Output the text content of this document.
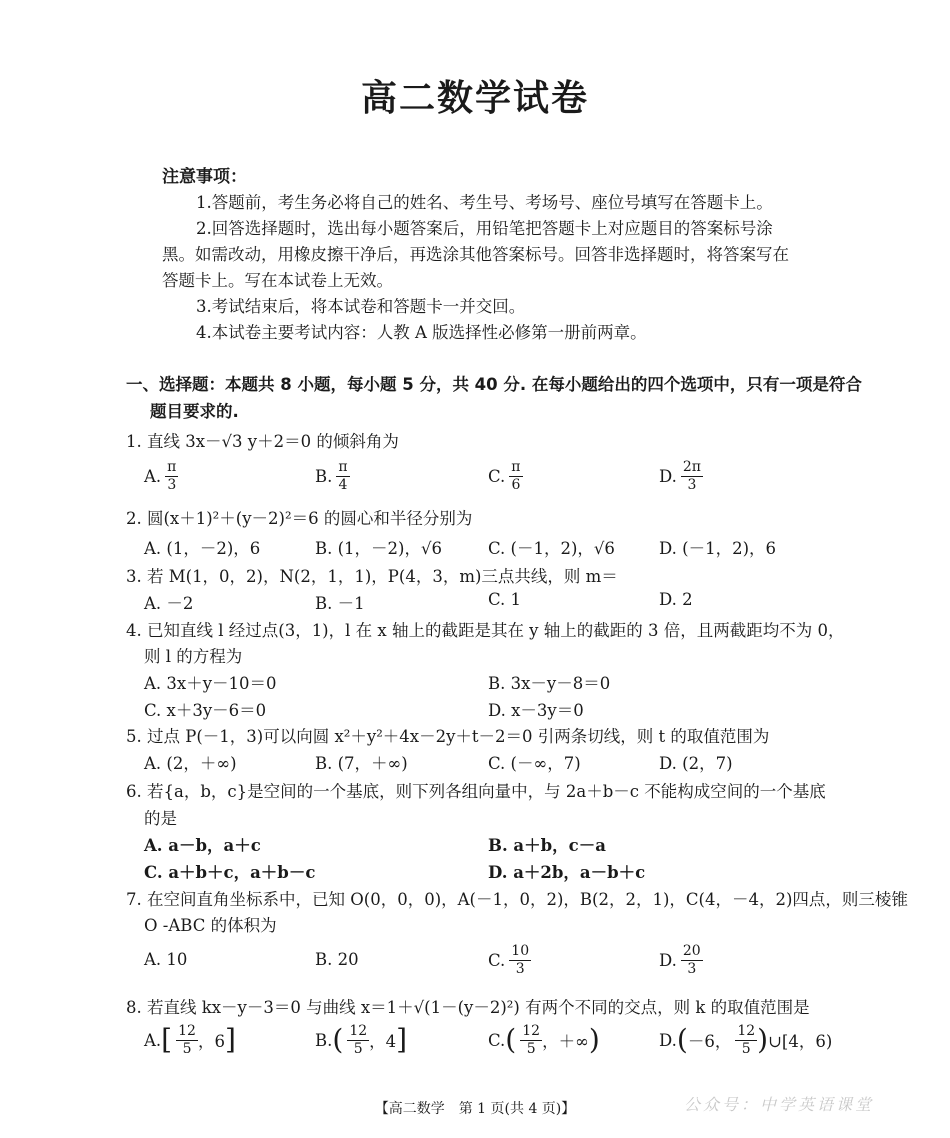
高二数学试卷
注意事项：
1.答题前，考生务必将自己的姓名、考生号、考场号、座位号填写在答题卡上。
2.回答选择题时，选出每小题答案后，用铅笔把答题卡上对应题目的答案标号涂
黑。如需改动，用橡皮擦干净后，再选涂其他答案标号。回答非选择题时，将答案写在
答题卡上。写在本试卷上无效。
3.考试结束后，将本试卷和答题卡一并交回。
4.本试卷主要考试内容：人教 A 版选择性必修第一册前两章。
一、选择题：本题共 8 小题，每小题 5 分，共 40 分. 在每小题给出的四个选项中，只有一项是符合
题目要求的.
1. 直线 3x－√3 y＋2＝0 的倾斜角为
A. $\frac{\pi}{3}$	B. $\frac{\pi}{4}$	C. $\frac{\pi}{6}$	D. $\frac{2\pi}{3}$
2. 圆(x＋1)²＋(y－2)²＝6 的圆心和半径分别为
A. (1，－2)，6	B. (1，－2)，√6	C. (－1，2)，√6	D. (－1，2)，6
3. 若 M(1，0，2)，N(2，1，1)，P(4，3，m)三点共线，则 m＝
A. －2	B. －1	C. 1	D. 2
4. 已知直线 l 经过点(3，1)，l 在 x 轴上的截距是其在 y 轴上的截距的 3 倍，且两截距均不为 0，
则 l 的方程为
A. 3x＋y－10＝0	B. 3x－y－8＝0
C. x＋3y－6＝0	D. x－3y＝0
5. 过点 P(－1，3)可以向圆 x²＋y²＋4x－2y＋t－2＝0 引两条切线，则 t 的取值范围为
A. (2，＋∞)	B. (7，＋∞)	C. (－∞，7)	D. (2，7)
6. 若{a，b，c}是空间的一个基底，则下列各组向量中，与 2a＋b－c 不能构成空间的一个基底
的是
A. a－b，a＋c	B. a＋b，c－a
C. a＋b＋c，a＋b－c	D. a＋2b，a－b＋c
7. 在空间直角坐标系中，已知 O(0，0，0)，A(－1，0，2)，B(2，2，1)，C(4，－4，2)四点，则三棱锥
O -ABC 的体积为
A. 10	B. 20	C. $\frac{10}{3}$	D. $\frac{20}{3}$
8. 若直线 kx－y－3＝0 与曲线 x＝1＋√(1－(y－2)²) 有两个不同的交点，则 k 的取值范围是
A. [ $\frac{12}{5}$ ，6 ]	B. ( $\frac{12}{5}$ ，4 ]	C. ( $\frac{12}{5}$ ，＋∞ )	D. ( －6， $\frac{12}{5}$ ) ∪[4，6)
【高二数学　第 1 页(共 4 页)】	公众号：中学英语课堂
